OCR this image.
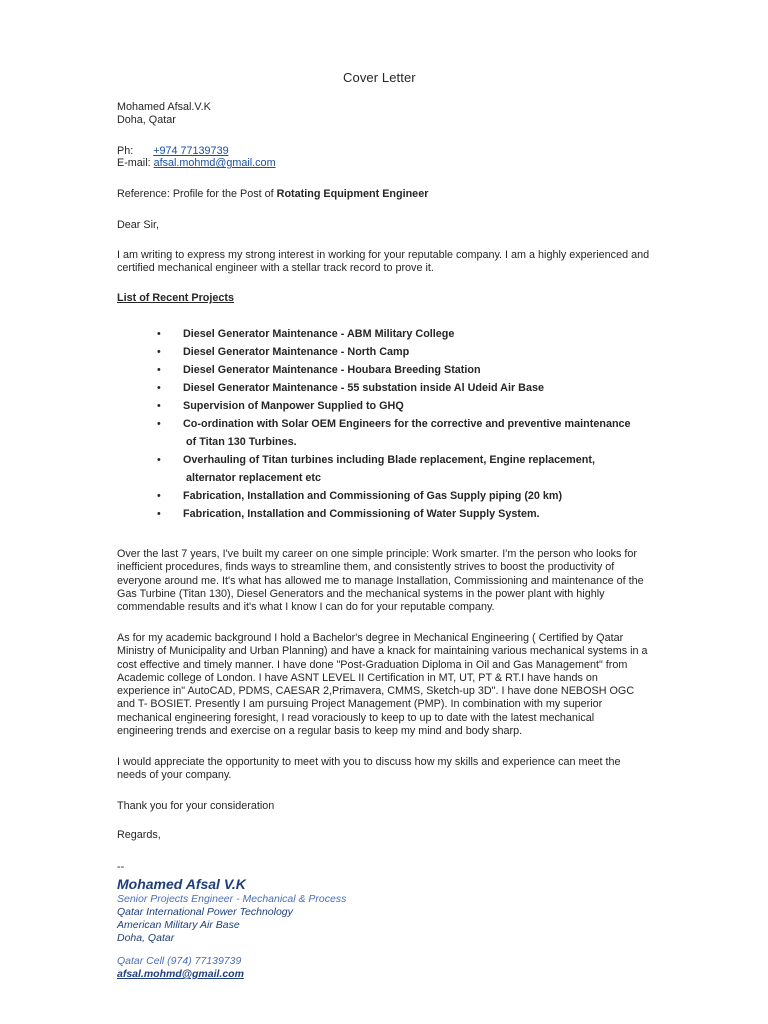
Cover Letter
Mohamed Afsal.V.K
Doha, Qatar
Ph: +974 77139739
E-mail: afsal.mohmd@gmail.com
Reference: Profile for the Post of Rotating Equipment Engineer
Dear Sir,

I am writing to express my strong interest in working for your reputable company. I am a highly experienced and certified mechanical engineer with a stellar track record to prove it.

List of Recent Projects
• Diesel Generator Maintenance - ABM Military College
• Diesel Generator Maintenance - North Camp
• Diesel Generator Maintenance - Houbara Breeding Station
• Diesel Generator Maintenance - 55 substation inside Al Udeid Air Base
• Supervision of Manpower Supplied to GHQ
• Co-ordination with Solar OEM Engineers for the corrective and preventive maintenance
of Titan 130 Turbines.
• Overhauling of Titan turbines including Blade replacement, Engine replacement,
alternator replacement etc
• Fabrication, Installation and Commissioning of Gas Supply piping (20 km)
• Fabrication, Installation and Commissioning of Water Supply System.

Over the last 7 years, I've built my career on one simple principle: Work smarter. I'm the person who looks for inefficient procedures, finds ways to streamline them, and consistently strives to boost the productivity of everyone around me. It's what has allowed me to manage Installation, Commissioning and maintenance of the Gas Turbine (Titan 130), Diesel Generators and the mechanical systems in the power plant with highly commendable results and it's what I know I can do for your reputable company.

As for my academic background I hold a Bachelor's degree in Mechanical Engineering ( Certified by Qatar Ministry of Municipality and Urban Planning) and have a knack for maintaining various mechanical systems in a cost effective and timely manner. I have done "Post-Graduation Diploma in Oil and Gas Management" from Academic college of London. I have ASNT LEVEL II Certification in MT, UT, PT & RT.I have hands on experience in" AutoCAD, PDMS, CAESAR 2,Primavera, CMMS, Sketch-up 3D". I have done NEBOSH OGC and T- BOSIET. Presently I am pursuing Project Management (PMP). In combination with my superior mechanical engineering foresight, I read voraciously to keep to up to date with the latest mechanical engineering trends and exercise on a regular basis to keep my mind and body sharp.

I would appreciate the opportunity to meet with you to discuss how my skills and experience can meet the needs of your company.

Thank you for your consideration
Regards,
--
Mohamed Afsal V.K
Senior Projects Engineer - Mechanical & Process
Qatar International Power Technology
American Military Air Base
Doha, Qatar
Qatar Cell (974) 77139739
afsal.mohmd@gmail.com
